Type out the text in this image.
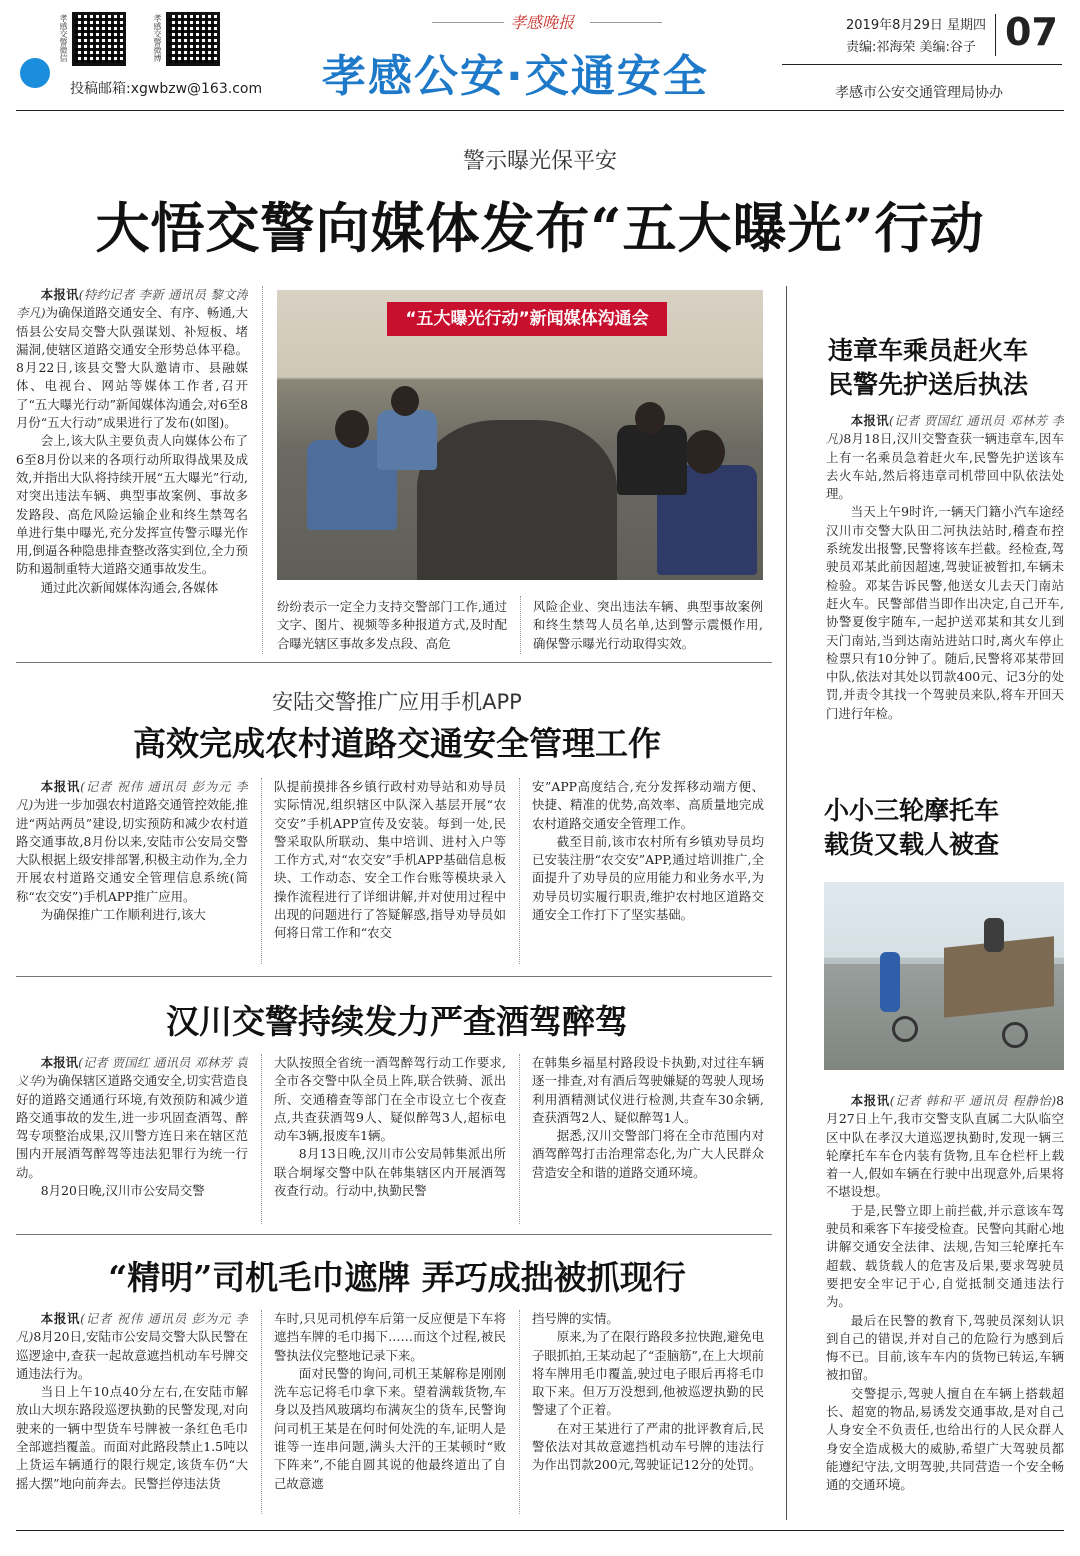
孝感交警微信	孝感交警微博
投稿邮箱:xgwbzw@163.com
孝感晚报
孝感公安·交通安全
2019年8月29日 星期四
责编:祁海荣 美编:谷子 07
孝感市公安交通管理局协办
警示曝光保平安
大悟交警向媒体发布“五大曝光”行动

本报讯(特约记者 李新 通讯员 黎文涛 李凡)为确保道路交通安全、有序、畅通,大悟县公安局交警大队强谋划、补短板、堵漏洞,使辖区道路交通安全形势总体平稳。8月22日,该县交警大队邀请市、县融媒体、电视台、网站等媒体工作者,召开了“五大曝光行动”新闻媒体沟通会,对6至8月份“五大行动”成果进行了发布(如图)。

会上,该大队主要负责人向媒体公布了6至8月份以来的各项行动所取得战果及成效,并指出大队将持续开展“五大曝光”行动,对突出违法车辆、典型事故案例、事故多发路段、高危风险运输企业和终生禁驾名单进行集中曝光,充分发挥宣传警示曝光作用,倒逼各种隐患排查整改落实到位,全力预防和遏制重特大道路交通事故发生。

通过此次新闻媒体沟通会,各媒体

“五大曝光行动”新闻媒体沟通会
纷纷表示一定全力支持交警部门工作,通过文字、图片、视频等多种报道方式,及时配合曝光辖区事故多发点段、高危
风险企业、突出违法车辆、典型事故案例和终生禁驾人员名单,达到警示震慑作用,确保警示曝光行动取得实效。
安陆交警推广应用手机APP
高效完成农村道路交通安全管理工作

本报讯(记者 祝伟 通讯员 彭为元 李凡)为进一步加强农村道路交通管控效能,推进“两站两员”建设,切实预防和减少农村道路交通事故,8月份以来,安陆市公安局交警大队根据上级安排部署,积极主动作为,全力开展农村道路交通安全管理信息系统(简称“农交安”)手机APP推广应用。

为确保推广工作顺利进行,该大

队提前摸排各乡镇行政村劝导站和劝导员实际情况,组织辖区中队深入基层开展“农交安”手机APP宣传及安装。每到一处,民警采取队所联动、集中培训、进村入户等工作方式,对“农交安”手机APP基础信息板块、工作动态、安全工作台账等模块录入操作流程进行了详细讲解,并对使用过程中出现的问题进行了答疑解惑,指导劝导员如何将日常工作和“农交

安”APP高度结合,充分发挥移动端方便、快捷、精准的优势,高效率、高质量地完成农村道路交通安全管理工作。

截至目前,该市农村所有乡镇劝导员均已安装注册“农交安”APP,通过培训推广,全面提升了劝导员的应用能力和业务水平,为劝导员切实履行职责,维护农村地区道路交通安全工作打下了坚实基础。

汉川交警持续发力严查酒驾醉驾

本报讯(记者 贾国红 通讯员 邓林芳 袁义华)为确保辖区道路交通安全,切实营造良好的道路交通通行环境,有效预防和减少道路交通事故的发生,进一步巩固查酒驾、醉驾专项整治成果,汉川警方连日来在辖区范围内开展酒驾醉驾等违法犯罪行为统一行动。

8月20日晚,汉川市公安局交警

大队按照全省统一酒驾醉驾行动工作要求,全市各交警中队全员上阵,联合铁骑、派出所、交通稽查等部门在全市设立七个夜查点,共查获酒驾9人、疑似醉驾3人,超标电动车3辆,报废车1辆。

8月13日晚,汉川市公安局韩集派出所联合垌塚交警中队在韩集辖区内开展酒驾夜查行动。行动中,执勤民警

在韩集乡福星村路段设卡执勤,对过往车辆逐一排查,对有酒后驾驶嫌疑的驾驶人现场利用酒精测试仪进行检测,共查车30余辆,查获酒驾2人、疑似醉驾1人。

据悉,汉川交警部门将在全市范围内对酒驾醉驾打击治理常态化,为广大人民群众营造安全和谐的道路交通环境。

“精明”司机毛巾遮牌 弄巧成拙被抓现行

本报讯(记者 祝伟 通讯员 彭为元 李凡)8月20日,安陆市公安局交警大队民警在巡逻途中,查获一起故意遮挡机动车号牌交通违法行为。

当日上午10点40分左右,在安陆市解放山大坝东路段巡逻执勤的民警发现,对向驶来的一辆中型货车号牌被一条红色毛巾全部遮挡覆盖。而面对此路段禁止1.5吨以上货运车辆通行的限行规定,该货车仍“大摇大摆”地向前奔去。民警拦停违法货

车时,只见司机停车后第一反应便是下车将遮挡车牌的毛巾揭下……而这个过程,被民警执法仪完整地记录下来。

面对民警的询问,司机王某解称是刚刚洗车忘记将毛巾拿下来。望着满载货物,车身以及挡风玻璃均布满灰尘的货车,民警询问司机王某是在何时何处洗的车,证明人是谁等一连串问题,满头大汗的王某顿时“败下阵来”,不能自圆其说的他最终道出了自己故意遮

挡号牌的实情。

原来,为了在限行路段多拉快跑,避免电子眼抓拍,王某动起了“歪脑筋”,在上大坝前将车牌用毛巾覆盖,驶过电子眼后再将毛巾取下来。但万万没想到,他被巡逻执勤的民警逮了个正着。

在对王某进行了严肃的批评教育后,民警依法对其故意遮挡机动车号牌的违法行为作出罚款200元,驾驶证记12分的处罚。

违章车乘员赶火车
民警先护送后执法

本报讯(记者 贾国红 通讯员 邓林芳 李凡)8月18日,汉川交警查获一辆违章车,因车上有一名乘员急着赶火车,民警先护送该车去火车站,然后将违章司机带回中队依法处理。

当天上午9时许,一辆天门籍小汽车途经汉川市交警大队田二河执法站时,稽查布控系统发出报警,民警将该车拦截。经检查,驾驶员邓某此前因超速,驾驶证被暂扣,车辆未检验。邓某告诉民警,他送女儿去天门南站赶火车。民警部借当即作出决定,自己开车,协警夏俊宇随车,一起护送邓某和其女儿到天门南站,当到达南站进站口时,离火车停止检票只有10分钟了。随后,民警将邓某带回中队,依法对其处以罚款400元、记3分的处罚,并责令其找一个驾驶员来队,将车开回天门进行年检。

小小三轮摩托车
载货又载人被查

本报讯(记者 韩和平 通讯员 程静怡)8月27日上午,我市交警支队直属二大队临空区中队在孝汉大道巡逻执勤时,发现一辆三轮摩托车车仓内装有货物,且车仓栏杆上载着一人,假如车辆在行驶中出现意外,后果将不堪设想。

于是,民警立即上前拦截,并示意该车驾驶员和乘客下车接受检查。民警向其耐心地讲解交通安全法律、法规,告知三轮摩托车超载、载货载人的危害及后果,要求驾驶员要把安全牢记于心,自觉抵制交通违法行为。

最后在民警的教育下,驾驶员深刻认识到自己的错误,并对自己的危险行为感到后悔不已。目前,该车车内的货物已转运,车辆被扣留。

交警提示,驾驶人擅自在车辆上搭载超长、超宽的物品,易诱发交通事故,是对自己人身安全不负责任,也给出行的人民众群人身安全造成极大的威胁,希望广大驾驶员都能遵纪守法,文明驾驶,共同营造一个安全畅通的交通环境。
